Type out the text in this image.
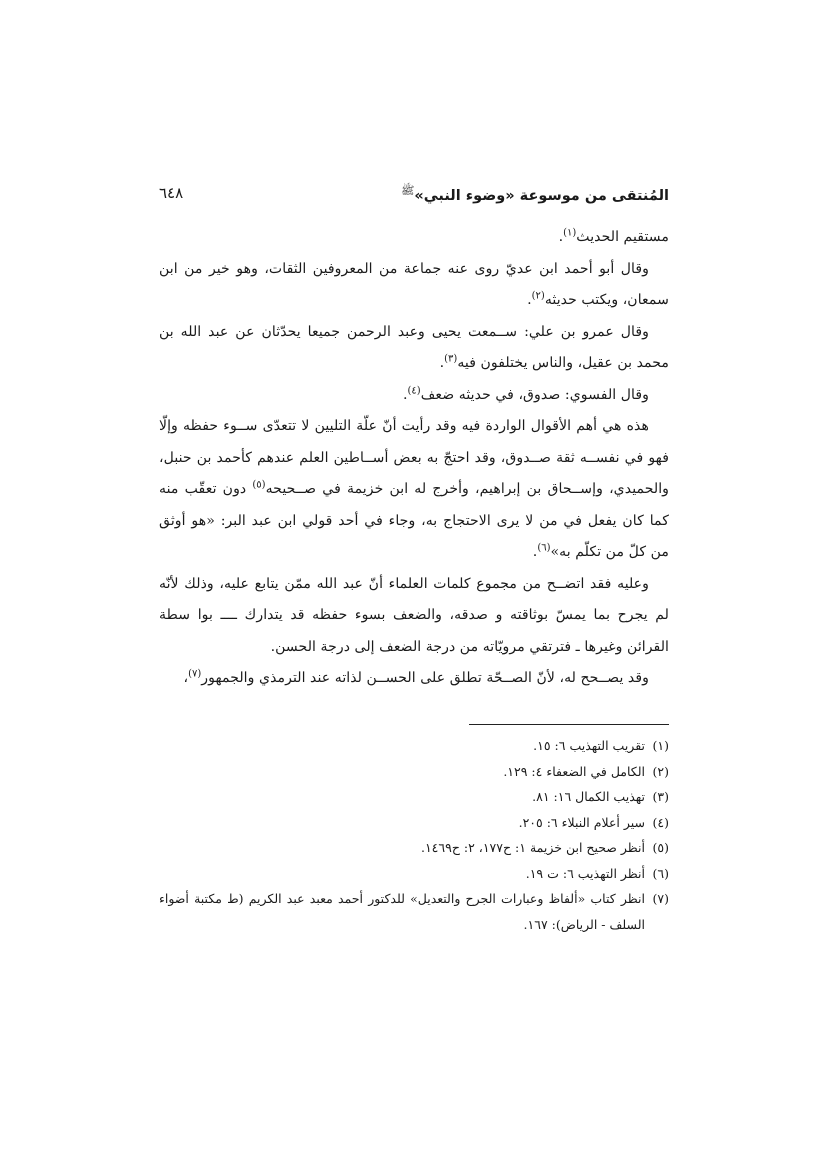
المُنتقى من موسوعة «وضوء النبي»$^ﷺ$
٦٤٨

مستقيم الحديث$^{(١)}$.

وقال أبو أحمد ابن عديّ روى عنه جماعة من المعروفين الثقات، وهو خير من ابن سمعان، ويكتب حديثه$^{(٢)}$.

وقال عمرو بن علي: ســمعت يحيى وعبد الرحمن جميعا يحدّثان عن عبد الله بن محمد بن عقيل، والناس يختلفون فيه$^{(٣)}$.

وقال الفسوي: صدوق، في حديثه ضعف$^{(٤)}$.

هذه هي أهم الأقوال الواردة فيه وقد رأيت أنّ علّة التليين لا تتعدّى ســوء حفظه وإلّا فهو في نفســه ثقة صــدوق، وقد احتجّ به بعض أســاطين العلم عندهم كأحمد بن حنبل، والحميدي، وإســحاق بن إبراهيم، وأخرج له ابن خزيمة في صــحيحه$^{(٥)}$ دون تعقّب منه كما كان يفعل في من لا يرى الاحتجاج به، وجاء في أحد قولي ابن عبد البر: «هو أوثق من كلّ من تكلّم به»$^{(٦)}$.

وعليه فقد اتضــح من مجموع كلمات العلماء أنّ عبد الله ممّن يتابع عليه، وذلك لأنّه لم يجرح بما يمسّ بوثاقته و صدقه، والضعف بسوء حفظه قد يتدارك ــــ بوا سطة القرائن وغيرها ـ فترتقي مرويّاته من درجة الضعف إلى درجة الحسن.

وقد يصــحح له، لأنّ الصــحّة تطلق على الحســن لذاته عند الترمذي والجمهور$^{(٧)}$،

(١)
تقريب التهذيب ٦: ١٥.
(٢)
الكامل في الضعفاء ٤: ١٢٩.
(٣)
تهذيب الكمال ١٦: ٨١.
(٤)
سير أعلام النبلاء ٦: ٢٠٥.
(٥)
أنظر صحيح ابن خزيمة ١: ح١٧٧، ٢: ح١٤٦٩.
(٦)
أنظر التهذيب ٦: ت ١٩.
(٧)
انظر كتاب «ألفاظ وعبارات الجرح والتعديل» للدكتور أحمد معبد عبد الكريم (ط مكتبة أضواء السلف - الرياض): ١٦٧.
